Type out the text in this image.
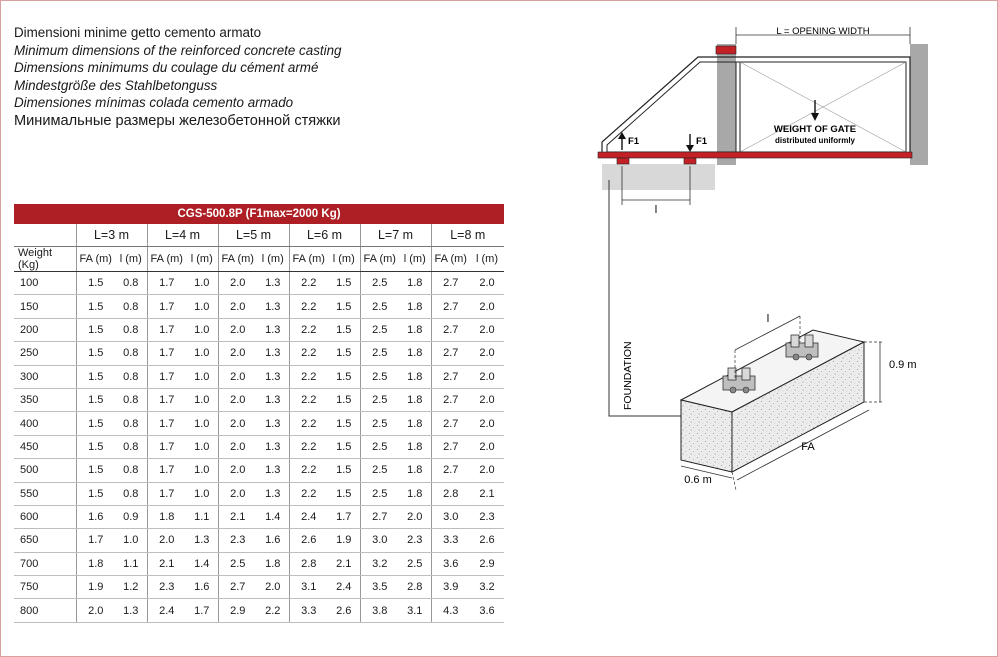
Dimensioni minime getto cemento armato
Minimum dimensions of the reinforced concrete casting
Dimensions minimums du coulage du cément armé
Mindestgröße des Stahlbetonguss
Dimensiones mínimas colada cemento armado
Минимальные размеры железобетонной стяжки
CGS-500.8P (F1max=2000 Kg)												
	L=3 m		L=4 m		L=5 m		L=6 m		L=7 m		L=8 m	
Weight (Kg)	FA (m)	l (m)	FA (m)	l (m)	FA (m)	l (m)	FA (m)	l (m)	FA (m)	l (m)	FA (m)	l (m)
100	1.5	0.8	1.7	1.0	2.0	1.3	2.2	1.5	2.5	1.8	2.7	2.0
150	1.5	0.8	1.7	1.0	2.0	1.3	2.2	1.5	2.5	1.8	2.7	2.0
200	1.5	0.8	1.7	1.0	2.0	1.3	2.2	1.5	2.5	1.8	2.7	2.0
250	1.5	0.8	1.7	1.0	2.0	1.3	2.2	1.5	2.5	1.8	2.7	2.0
300	1.5	0.8	1.7	1.0	2.0	1.3	2.2	1.5	2.5	1.8	2.7	2.0
350	1.5	0.8	1.7	1.0	2.0	1.3	2.2	1.5	2.5	1.8	2.7	2.0
400	1.5	0.8	1.7	1.0	2.0	1.3	2.2	1.5	2.5	1.8	2.7	2.0
450	1.5	0.8	1.7	1.0	2.0	1.3	2.2	1.5	2.5	1.8	2.7	2.0
500	1.5	0.8	1.7	1.0	2.0	1.3	2.2	1.5	2.5	1.8	2.7	2.0
550	1.5	0.8	1.7	1.0	2.0	1.3	2.2	1.5	2.5	1.8	2.8	2.1
600	1.6	0.9	1.8	1.1	2.1	1.4	2.4	1.7	2.7	2.0	3.0	2.3
650	1.7	1.0	2.0	1.3	2.3	1.6	2.6	1.9	3.0	2.3	3.3	2.6
700	1.8	1.1	2.1	1.4	2.5	1.8	2.8	2.1	3.2	2.5	3.6	2.9
750	1.9	1.2	2.3	1.6	2.7	2.0	3.1	2.4	3.5	2.8	3.9	3.2
800	2.0	1.3	2.4	1.7	2.9	2.2	3.3	2.6	3.8	3.1	4.3	3.6
L = OPENING WIDTH
F1	F1
WEIGHT OF GATE
distributed uniformly
l
FOUNDATION
l
0.9 m
FA
0.6 m
